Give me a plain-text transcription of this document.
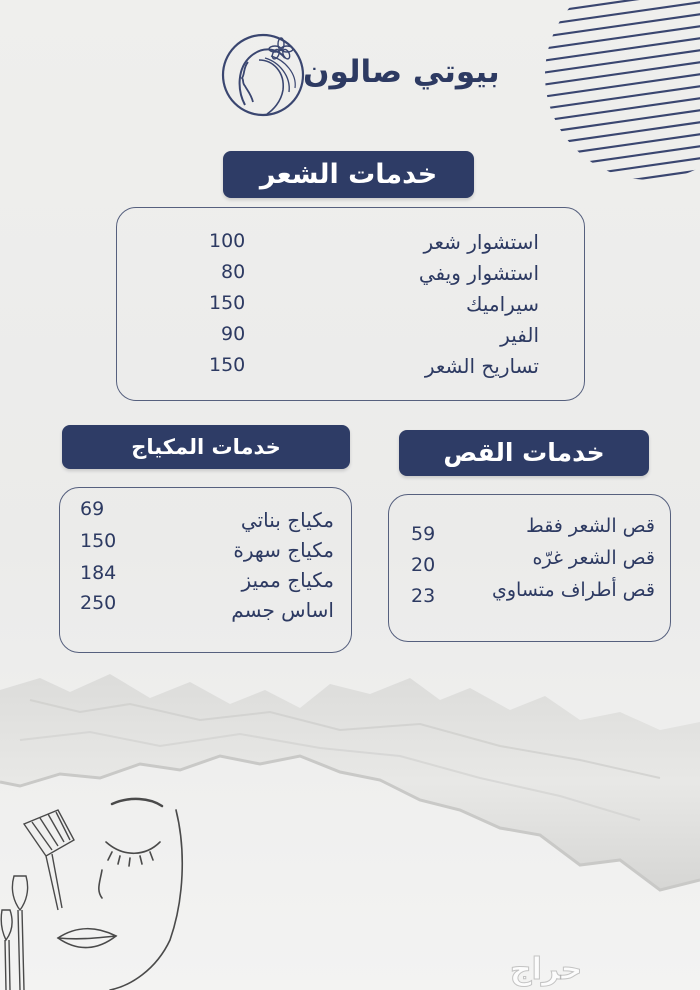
بيوتي صالون
خدمات الشعر
استشوار شعر
100
استشوار ويفي
80
سيراميك
150
الفير
90
تساريح الشعر
150
خدمات المكياج
مكياج بناتي
69
مكياج سهرة
150
مكياج مميز
184
اساس جسم
250
خدمات القص
قص الشعر فقط
59
قص الشعر غرّه
20
قص أطراف متساوي
23
حراج
